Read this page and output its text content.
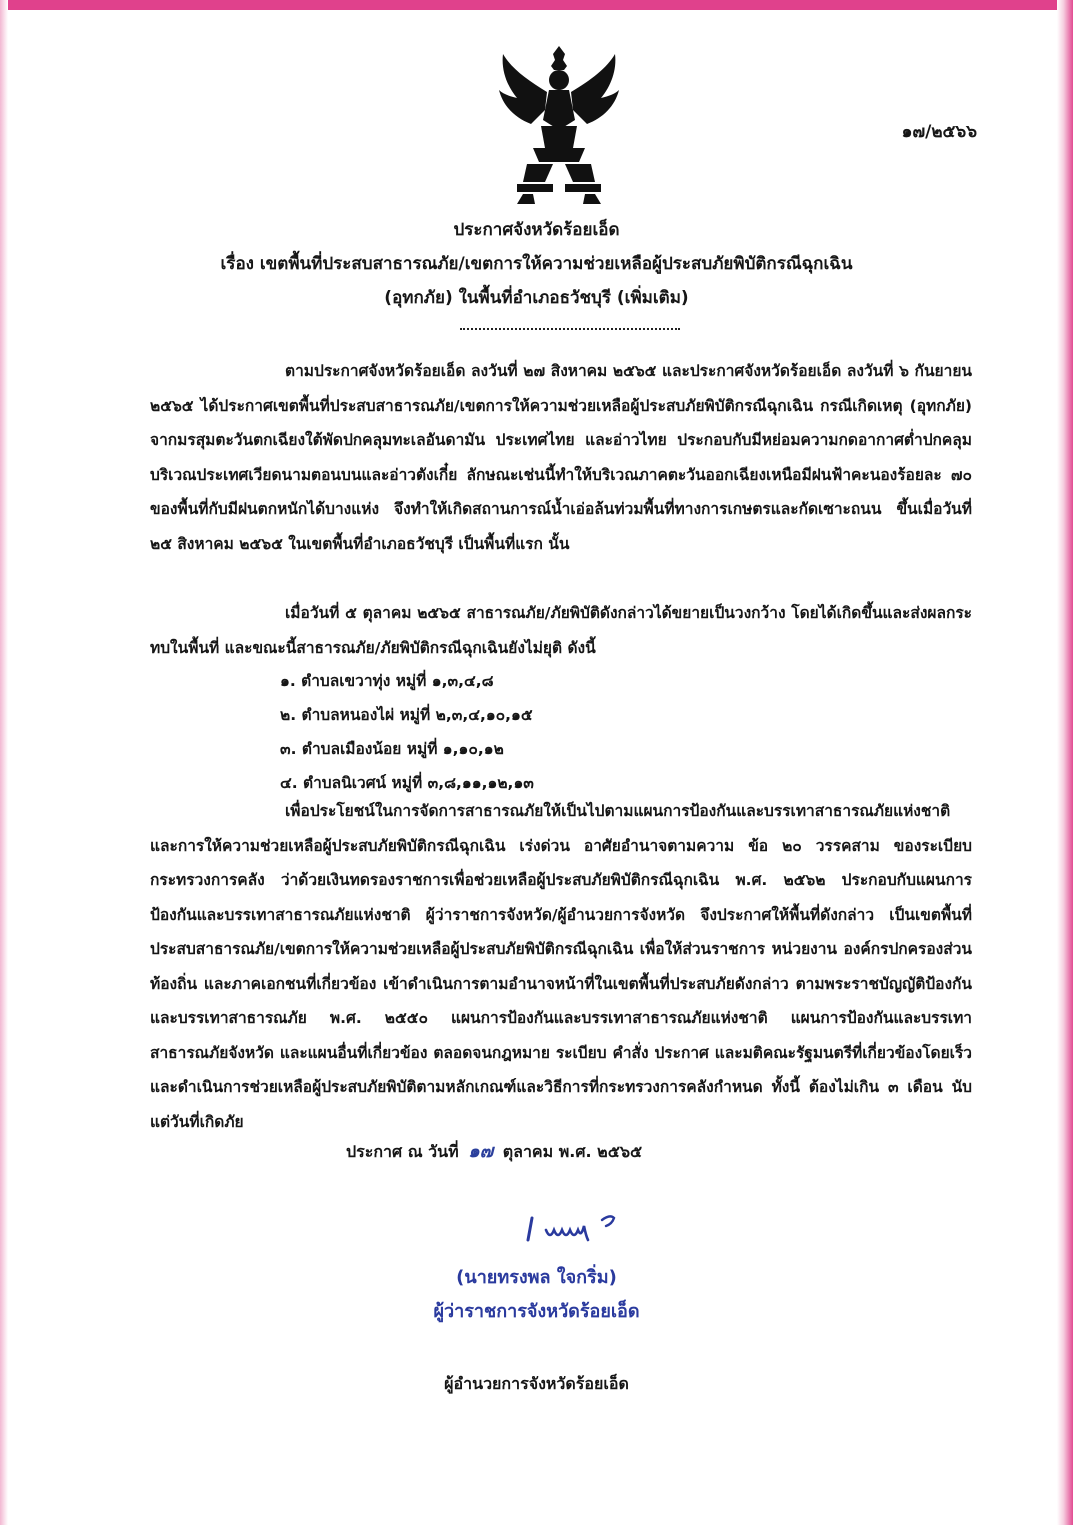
๑๗/๒๕๖๖
ประกาศจังหวัดร้อยเอ็ด
เรื่อง เขตพื้นที่ประสบสาธารณภัย/เขตการให้ความช่วยเหลือผู้ประสบภัยพิบัติกรณีฉุกเฉิน
(อุทกภัย) ในพื้นที่อำเภอธวัชบุรี (เพิ่มเติม)

ตามประกาศจังหวัดร้อยเอ็ด ลงวันที่ ๒๗ สิงหาคม ๒๕๖๕ และประกาศจังหวัดร้อยเอ็ด ลงวันที่ ๖ กันยายน ๒๕๖๕ ได้ประกาศเขตพื้นที่ประสบสาธารณภัย/เขตการให้ความช่วยเหลือผู้ประสบภัยพิบัติกรณีฉุกเฉิน กรณีเกิดเหตุ (อุทกภัย) จากมรสุมตะวันตกเฉียงใต้พัดปกคลุมทะเลอันดามัน ประเทศไทย และอ่าวไทย ประกอบกับมีหย่อมความกดอากาศต่ำปกคลุมบริเวณประเทศเวียดนามตอนบนและอ่าวตังเกี๋ย ลักษณะเช่นนี้ทำให้บริเวณภาคตะวันออกเฉียงเหนือมีฝนฟ้าคะนองร้อยละ ๗๐ ของพื้นที่กับมีฝนตกหนักได้บางแห่ง จึงทำให้เกิดสถานการณ์น้ำเอ่อล้นท่วมพื้นที่ทางการเกษตรและกัดเซาะถนน ขึ้นเมื่อวันที่ ๒๕ สิงหาคม ๒๕๖๕ ในเขตพื้นที่อำเภอธวัชบุรี เป็นพื้นที่แรก นั้น

เมื่อวันที่ ๕ ตุลาคม ๒๕๖๕ สาธารณภัย/ภัยพิบัติดังกล่าวได้ขยายเป็นวงกว้าง โดยได้เกิดขึ้นและส่งผลกระทบในพื้นที่ และขณะนี้สาธารณภัย/ภัยพิบัติกรณีฉุกเฉินยังไม่ยุติ ดังนี้

๑. ตำบลเขวาทุ่ง หมู่ที่ ๑,๓,๔,๘
๒. ตำบลหนองไผ่ หมู่ที่ ๒,๓,๔,๑๐,๑๕
๓. ตำบลเมืองน้อย หมู่ที่ ๑,๑๐,๑๒
๔. ตำบลนิเวศน์ หมู่ที่ ๓,๘,๑๑,๑๒,๑๓

เพื่อประโยชน์ในการจัดการสาธารณภัยให้เป็นไปตามแผนการป้องกันและบรรเทาสาธารณภัยแห่งชาติ และการให้ความช่วยเหลือผู้ประสบภัยพิบัติกรณีฉุกเฉิน เร่งด่วน อาศัยอำนาจตามความ ข้อ ๒๐ วรรคสาม ของระเบียบกระทรวงการคลัง ว่าด้วยเงินทดรองราชการเพื่อช่วยเหลือผู้ประสบภัยพิบัติกรณีฉุกเฉิน พ.ศ. ๒๕๖๒ ประกอบกับแผนการป้องกันและบรรเทาสาธารณภัยแห่งชาติ ผู้ว่าราชการจังหวัด/ผู้อำนวยการจังหวัด จึงประกาศให้พื้นที่ดังกล่าว เป็นเขตพื้นที่ประสบสาธารณภัย/เขตการให้ความช่วยเหลือผู้ประสบภัยพิบัติกรณีฉุกเฉิน เพื่อให้ส่วนราชการ หน่วยงาน องค์กรปกครองส่วนท้องถิ่น และภาคเอกชนที่เกี่ยวข้อง เข้าดำเนินการตามอำนาจหน้าที่ในเขตพื้นที่ประสบภัยดังกล่าว ตามพระราชบัญญัติป้องกันและบรรเทาสาธารณภัย พ.ศ. ๒๕๕๐ แผนการป้องกันและบรรเทาสาธารณภัยแห่งชาติ แผนการป้องกันและบรรเทาสาธารณภัยจังหวัด และแผนอื่นที่เกี่ยวข้อง ตลอดจนกฎหมาย ระเบียบ คำสั่ง ประกาศ และมติคณะรัฐมนตรีที่เกี่ยวข้องโดยเร็ว และดำเนินการช่วยเหลือผู้ประสบภัยพิบัติตามหลักเกณฑ์และวิธีการที่กระทรวงการคลังกำหนด ทั้งนี้ ต้องไม่เกิน ๓ เดือน นับแต่วันที่เกิดภัย

ประกาศ ณ วันที่ ๑๗ ตุลาคม พ.ศ. ๒๕๖๕
(นายทรงพล ใจกริ่ม)
ผู้ว่าราชการจังหวัดร้อยเอ็ด
ผู้อำนวยการจังหวัดร้อยเอ็ด
